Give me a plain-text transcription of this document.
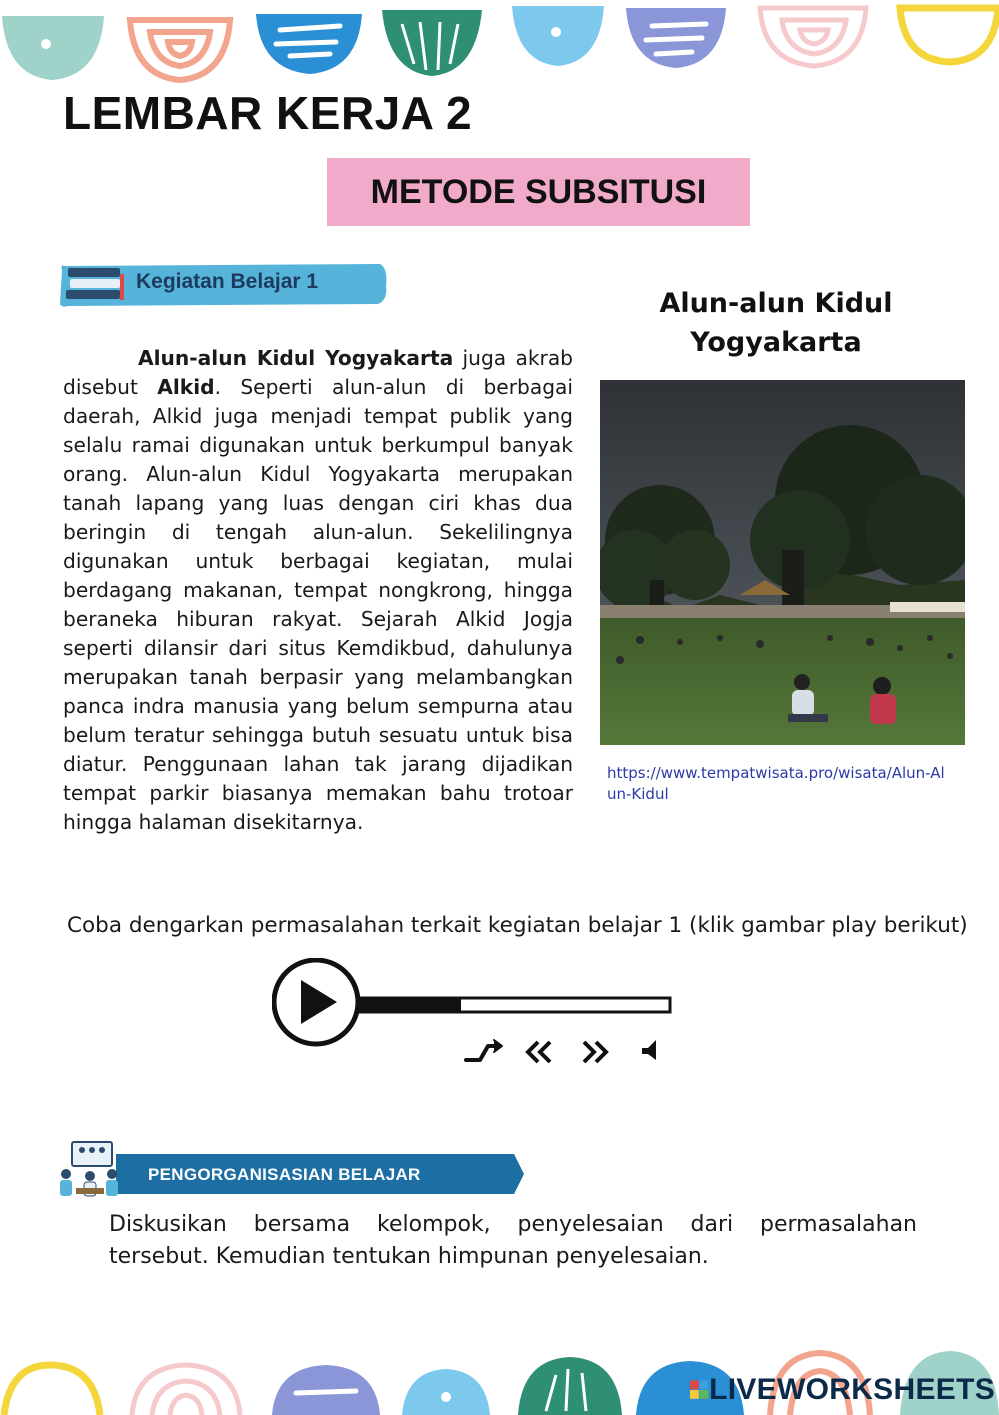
LEMBAR KERJA 2
METODE SUBSITUSI
Kegiatan Belajar 1
Alun-alun Kidul Yogyakarta

Alun-alun Kidul Yogyakarta juga akrab disebut Alkid. Seperti alun-alun di berbagai daerah, Alkid juga menjadi tempat publik yang selalu ramai digunakan untuk berkumpul banyak orang. Alun-alun Kidul Yogyakarta merupakan tanah lapang yang luas dengan ciri khas dua beringin di tengah alun-alun. Sekelilingnya digunakan untuk berbagai kegiatan, mulai berdagang makanan, tempat nongkrong, hingga beraneka hiburan rakyat. Sejarah Alkid Jogja seperti dilansir dari situs Kemdikbud, dahulunya merupakan tanah berpasir yang melambangkan panca indra manusia yang belum sempurna atau belum teratur sehingga butuh sesuatu untuk bisa diatur. Penggunaan lahan tak jarang dijadikan tempat parkir biasanya memakan bahu trotoar hingga halaman disekitarnya.

https://www.tempatwisata.pro/wisata/Alun-Alun-Kidul

Coba dengarkan permasalahan terkait kegiatan belajar 1 (klik gambar play berikut)

PENGORGANISASIAN BELAJAR

Diskusikan bersama kelompok, penyelesaian dari permasalahan tersebut. Kemudian tentukan himpunan penyelesaian.

LIVEWORKSHEETS
